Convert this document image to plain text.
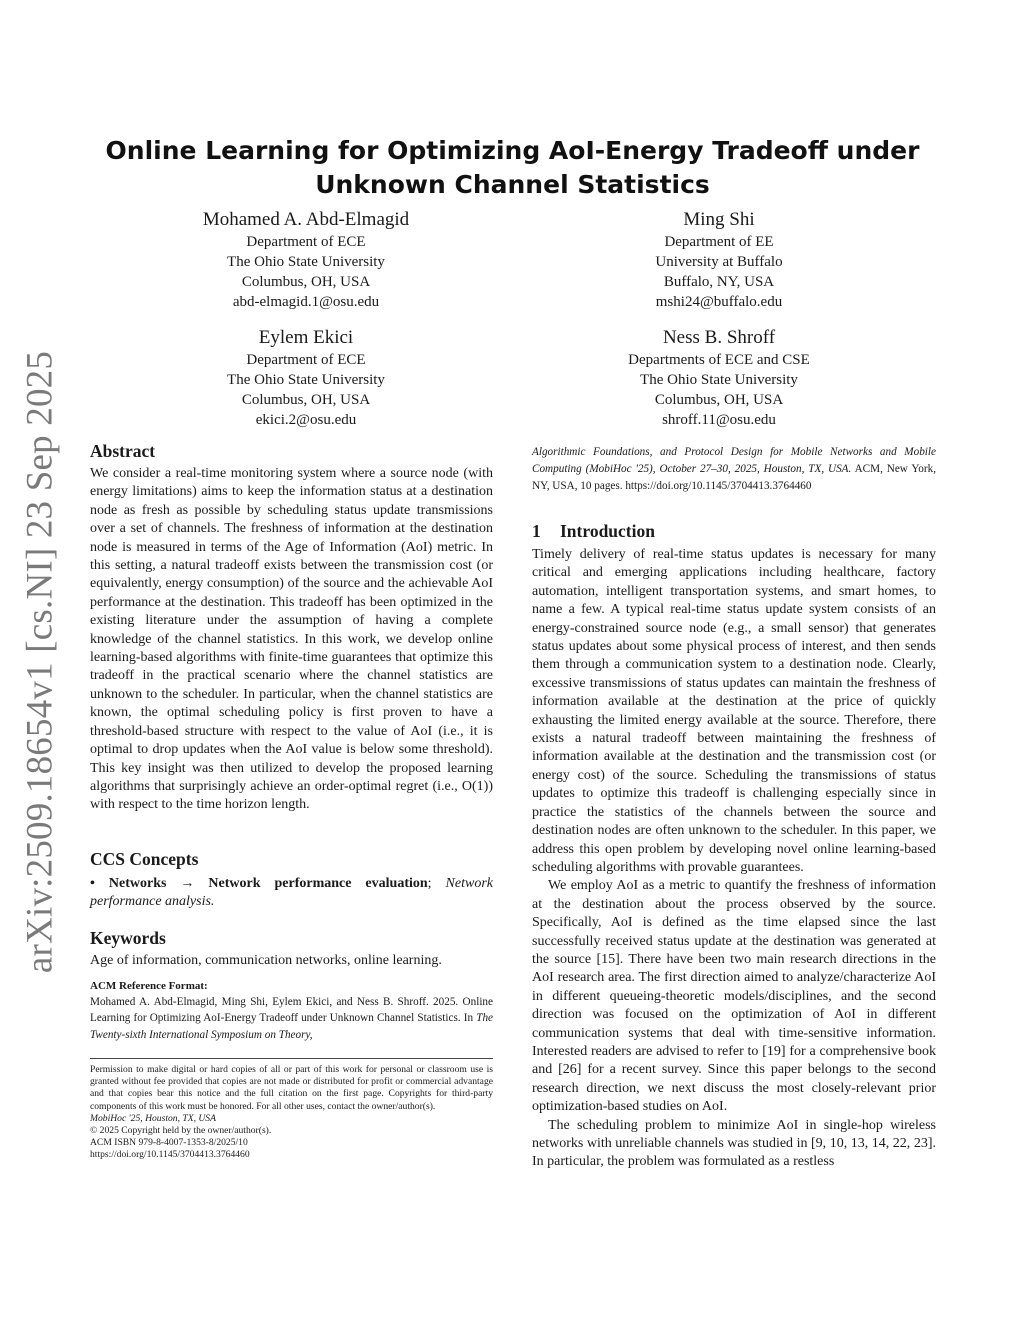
arXiv:2509.18654v1 [cs.NI] 23 Sep 2025
Online Learning for Optimizing AoI-Energy Tradeoff under
Unknown Channel Statistics
Mohamed A. Abd-Elmagid
Department of ECE
The Ohio State University
Columbus, OH, USA
abd-elmagid.1@osu.edu
Ming Shi
Department of EE
University at Buffalo
Buffalo, NY, USA
mshi24@buffalo.edu
Eylem Ekici
Department of ECE
The Ohio State University
Columbus, OH, USA
ekici.2@osu.edu
Ness B. Shroff
Departments of ECE and CSE
The Ohio State University
Columbus, OH, USA
shroff.11@osu.edu
Abstract

We consider a real-time monitoring system where a source node (with energy limitations) aims to keep the information status at a destination node as fresh as possible by scheduling status update transmissions over a set of channels. The freshness of information at the destination node is measured in terms of the Age of Information (AoI) metric. In this setting, a natural tradeoff exists between the transmission cost (or equivalently, energy consumption) of the source and the achievable AoI performance at the destination. This tradeoff has been optimized in the existing literature under the assumption of having a complete knowledge of the channel statistics. In this work, we develop online learning-based algorithms with finite-time guarantees that optimize this tradeoff in the practical scenario where the channel statistics are unknown to the scheduler. In particular, when the channel statistics are known, the optimal scheduling policy is first proven to have a threshold-based structure with respect to the value of AoI (i.e., it is optimal to drop updates when the AoI value is below some threshold). This key insight was then utilized to develop the proposed learning algorithms that surprisingly achieve an order-optimal regret (i.e., O(1)) with respect to the time horizon length.

CCS Concepts

• Networks → Network performance evaluation; Network performance analysis.

Keywords

Age of information, communication networks, online learning.

ACM Reference Format:

Mohamed A. Abd-Elmagid, Ming Shi, Eylem Ekici, and Ness B. Shroff. 2025. Online Learning for Optimizing AoI-Energy Tradeoff under Unknown Channel Statistics. In The Twenty-sixth International Symposium on Theory,

Permission to make digital or hard copies of all or part of this work for personal or classroom use is granted without fee provided that copies are not made or distributed for profit or commercial advantage and that copies bear this notice and the full citation on the first page. Copyrights for third-party components of this work must be honored. For all other uses, contact the owner/author(s).
MobiHoc '25, Houston, TX, USA
© 2025 Copyright held by the owner/author(s).
ACM ISBN 979-8-4007-1353-8/2025/10
https://doi.org/10.1145/3704413.3764460

Algorithmic Foundations, and Protocol Design for Mobile Networks and Mobile Computing (MobiHoc '25), October 27–30, 2025, Houston, TX, USA. ACM, New York, NY, USA, 10 pages. https://doi.org/10.1145/3704413.3764460

1 Introduction

Timely delivery of real-time status updates is necessary for many critical and emerging applications including healthcare, factory automation, intelligent transportation systems, and smart homes, to name a few. A typical real-time status update system consists of an energy-constrained source node (e.g., a small sensor) that generates status updates about some physical process of interest, and then sends them through a communication system to a destination node. Clearly, excessive transmissions of status updates can maintain the freshness of information available at the destination at the price of quickly exhausting the limited energy available at the source. Therefore, there exists a natural tradeoff between maintaining the freshness of information available at the destination and the transmission cost (or energy cost) of the source. Scheduling the transmissions of status updates to optimize this tradeoff is challenging especially since in practice the statistics of the channels between the source and destination nodes are often unknown to the scheduler. In this paper, we address this open problem by developing novel online learning-based scheduling algorithms with provable guarantees.

We employ AoI as a metric to quantify the freshness of information at the destination about the process observed by the source. Specifically, AoI is defined as the time elapsed since the last successfully received status update at the destination was generated at the source [15]. There have been two main research directions in the AoI research area. The first direction aimed to analyze/characterize AoI in different queueing-theoretic models/disciplines, and the second direction was focused on the optimization of AoI in different communication systems that deal with time-sensitive information. Interested readers are advised to refer to [19] for a comprehensive book and [26] for a recent survey. Since this paper belongs to the second research direction, we next discuss the most closely-relevant prior optimization-based studies on AoI.

The scheduling problem to minimize AoI in single-hop wireless networks with unreliable channels was studied in [9, 10, 13, 14, 22, 23]. In particular, the problem was formulated as a restless
